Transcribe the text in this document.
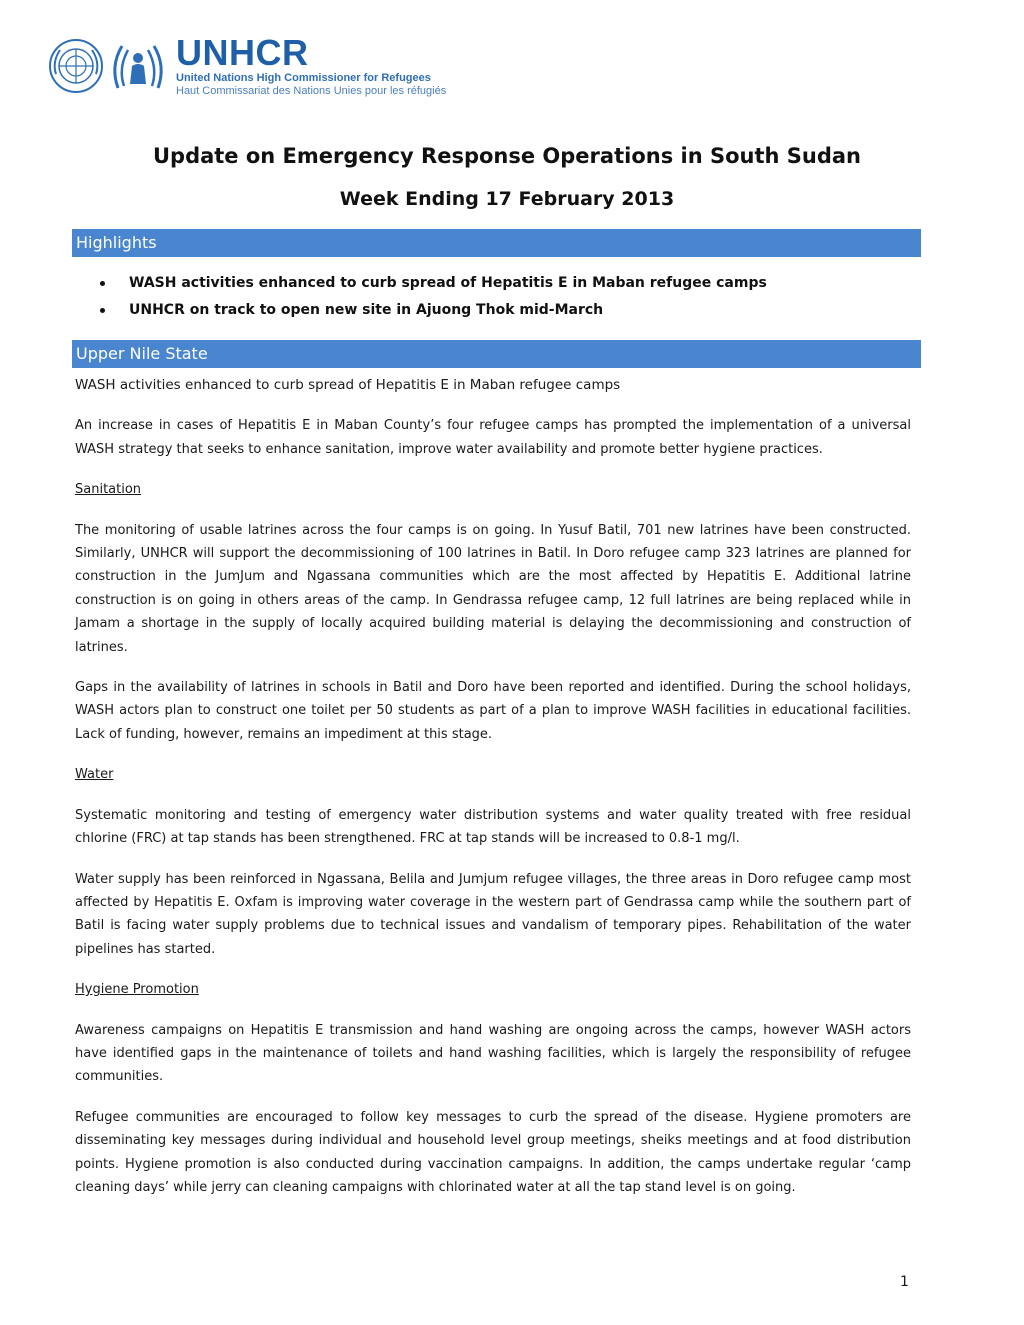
UNHCR
United Nations High Commissioner for Refugees
Haut Commissariat des Nations Unies pour les réfugiés
Update on Emergency Response Operations in South Sudan
Week Ending 17 February 2013
Highlights
WASH activities enhanced to curb spread of Hepatitis E in Maban refugee camps
UNHCR on track to open new site in Ajuong Thok mid-March
Upper Nile State

WASH activities enhanced to curb spread of Hepatitis E in Maban refugee camps

An increase in cases of Hepatitis E in Maban County’s four refugee camps has prompted the implementation of a universal WASH strategy that seeks to enhance sanitation, improve water availability and promote better hygiene practices.

Sanitation

The monitoring of usable latrines across the four camps is on going. In Yusuf Batil, 701 new latrines have been constructed. Similarly, UNHCR will support the decommissioning of 100 latrines in Batil. In Doro refugee camp 323 latrines are planned for construction in the JumJum and Ngassana communities which are the most affected by Hepatitis E. Additional latrine construction is on going in others areas of the camp. In Gendrassa refugee camp, 12 full latrines are being replaced while in Jamam a shortage in the supply of locally acquired building material is delaying the decommissioning and construction of latrines.

Gaps in the availability of latrines in schools in Batil and Doro have been reported and identified. During the school holidays, WASH actors plan to construct one toilet per 50 students as part of a plan to improve WASH facilities in educational facilities. Lack of funding, however, remains an impediment at this stage.

Water

Systematic monitoring and testing of emergency water distribution systems and water quality treated with free residual chlorine (FRC) at tap stands has been strengthened. FRC at tap stands will be increased to 0.8-1 mg/l.

Water supply has been reinforced in Ngassana, Belila and Jumjum refugee villages, the three areas in Doro refugee camp most affected by Hepatitis E. Oxfam is improving water coverage in the western part of Gendrassa camp while the southern part of Batil is facing water supply problems due to technical issues and vandalism of temporary pipes. Rehabilitation of the water pipelines has started.

Hygiene Promotion

Awareness campaigns on Hepatitis E transmission and hand washing are ongoing across the camps, however WASH actors have identified gaps in the maintenance of toilets and hand washing facilities, which is largely the responsibility of refugee communities.

Refugee communities are encouraged to follow key messages to curb the spread of the disease. Hygiene promoters are disseminating key messages during individual and household level group meetings, sheiks meetings and at food distribution points. Hygiene promotion is also conducted during vaccination campaigns. In addition, the camps undertake regular ‘camp cleaning days’ while jerry can cleaning campaigns with chlorinated water at all the tap stand level is on going.

1
